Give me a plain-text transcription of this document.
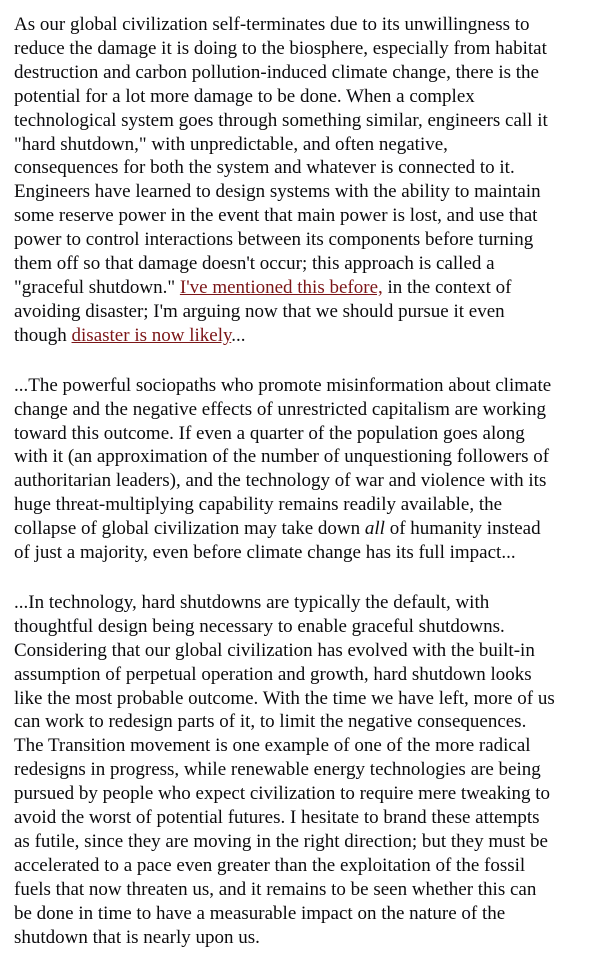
As our global civilization self-terminates due to its unwillingness to
reduce the damage it is doing to the biosphere, especially from habitat
destruction and carbon pollution-induced climate change, there is the
potential for a lot more damage to be done. When a complex
technological system goes through something similar, engineers call it
"hard shutdown," with unpredictable, and often negative,
consequences for both the system and whatever is connected to it.
Engineers have learned to design systems with the ability to maintain
some reserve power in the event that main power is lost, and use that
power to control interactions between its components before turning
them off so that damage doesn't occur; this approach is called a
"graceful shutdown." I've mentioned this before, in the context of
avoiding disaster; I'm arguing now that we should pursue it even
though disaster is now likely...

...The powerful sociopaths who promote misinformation about climate
change and the negative effects of unrestricted capitalism are working
toward this outcome. If even a quarter of the population goes along
with it (an approximation of the number of unquestioning followers of
authoritarian leaders), and the technology of war and violence with its
huge threat-multiplying capability remains readily available, the
collapse of global civilization may take down all of humanity instead
of just a majority, even before climate change has its full impact...

...In technology, hard shutdowns are typically the default, with
thoughtful design being necessary to enable graceful shutdowns.
Considering that our global civilization has evolved with the built-in
assumption of perpetual operation and growth, hard shutdown looks
like the most probable outcome. With the time we have left, more of us
can work to redesign parts of it, to limit the negative consequences.
The Transition movement is one example of one of the more radical
redesigns in progress, while renewable energy technologies are being
pursued by people who expect civilization to require mere tweaking to
avoid the worst of potential futures. I hesitate to brand these attempts
as futile, since they are moving in the right direction; but they must be
accelerated to a pace even greater than the exploitation of the fossil
fuels that now threaten us, and it remains to be seen whether this can
be done in time to have a measurable impact on the nature of the
shutdown that is nearly upon us.
